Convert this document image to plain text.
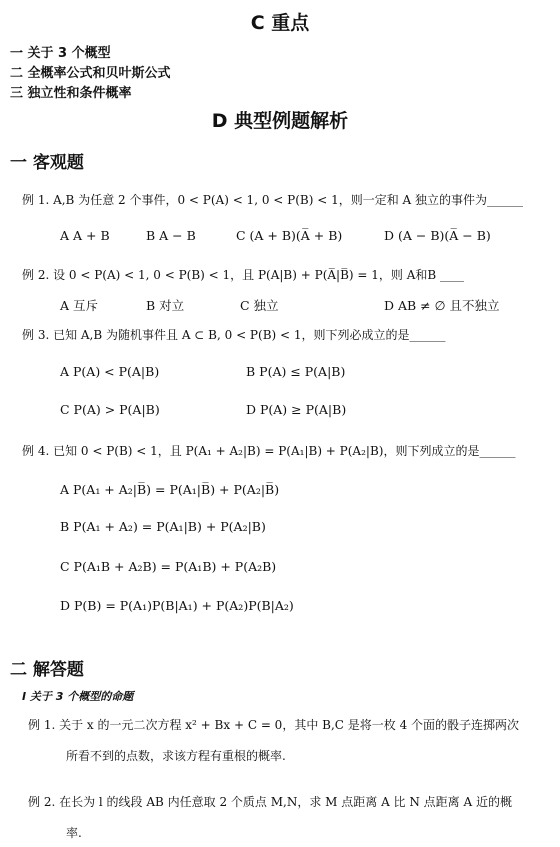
C 重点
一 关于 3 个概型
二 全概率公式和贝叶斯公式
三 独立性和条件概率
D 典型例题解析
一 客观题
例 1. A,B 为任意 2 个事件，0 < P(A) < 1, 0 < P(B) < 1，则一定和 A 独立的事件为______
A A + B	B A − B	C (A + B)(A̅ + B)	D (A − B)(A̅ − B)
例 2. 设 0 < P(A) < 1, 0 < P(B) < 1，且 P(A|B) + P(A̅|B̅) = 1，则 A和B ____
A 互斥	B 对立	C 独立	D AB ≠ ∅ 且不独立
例 3. 已知 A,B 为随机事件且 A ⊂ B, 0 < P(B) < 1，则下列必成立的是______
A P(A) < P(A|B)	B P(A) ≤ P(A|B)
C P(A) > P(A|B)	D P(A) ≥ P(A|B)
例 4. 已知 0 < P(B) < 1，且 P(A₁ + A₂|B) = P(A₁|B) + P(A₂|B)，则下列成立的是______
A P(A₁ + A₂|B̅) = P(A₁|B̅) + P(A₂|B̅)
B P(A₁ + A₂) = P(A₁|B) + P(A₂|B)
C P(A₁B + A₂B) = P(A₁B) + P(A₂B)
D P(B) = P(A₁)P(B|A₁) + P(A₂)P(B|A₂)
二 解答题
Ⅰ 关于 3 个概型的命题
例 1. 关于 x 的一元二次方程 x² + Bx + C = 0，其中 B,C 是将一枚 4 个面的骰子连掷两次
所看不到的点数，求该方程有重根的概率.
例 2. 在长为 l 的线段 AB 内任意取 2 个质点 M,N，求 M 点距离 A 比 N 点距离 A 近的概
率.
